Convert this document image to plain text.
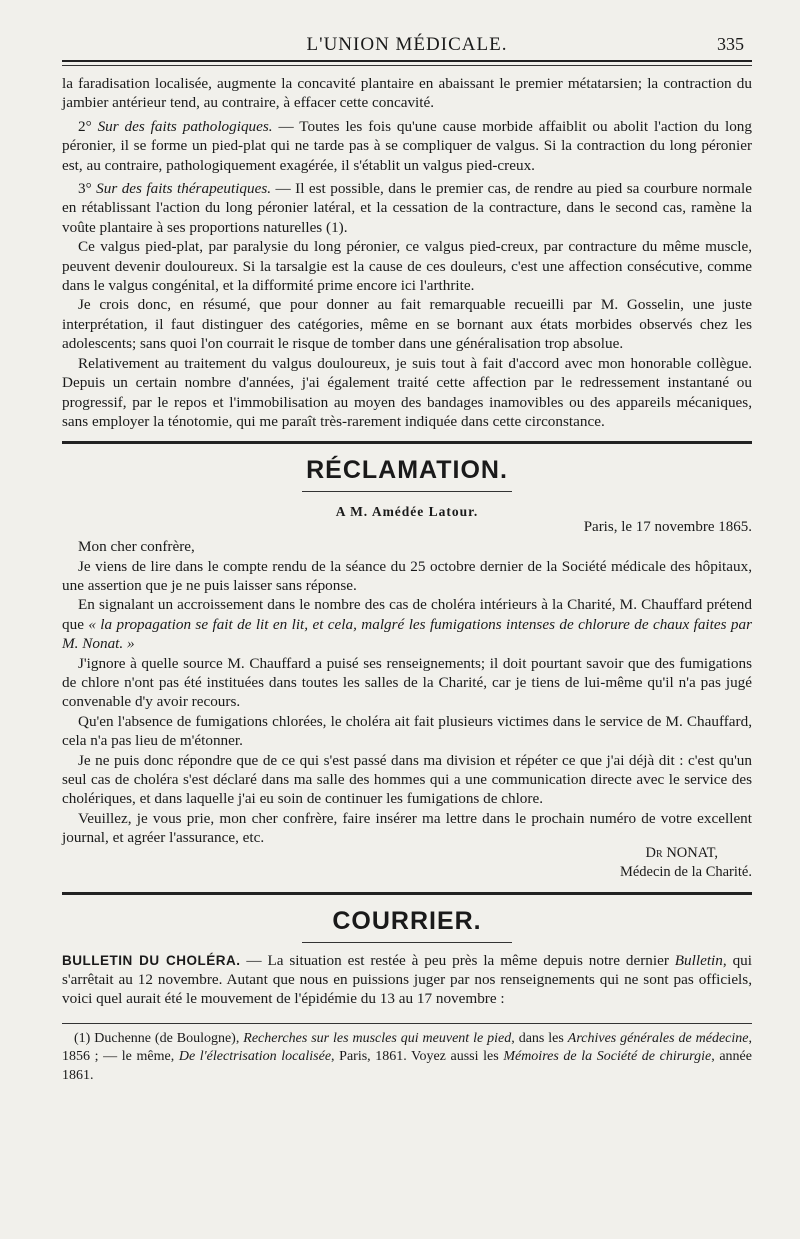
L'UNION MÉDICALE.	335

la faradisation localisée, augmente la concavité plantaire en abaissant le premier métatarsien; la contraction du jambier antérieur tend, au contraire, à effacer cette concavité.

2° Sur des faits pathologiques. — Toutes les fois qu'une cause morbide affaiblit ou abolit l'action du long péronier, il se forme un pied-plat qui ne tarde pas à se compliquer de valgus. Si la contraction du long péronier est, au contraire, pathologiquement exagérée, il s'établit un valgus pied-creux.

3° Sur des faits thérapeutiques. — Il est possible, dans le premier cas, de rendre au pied sa courbure normale en rétablissant l'action du long péronier latéral, et la cessation de la contracture, dans le second cas, ramène la voûte plantaire à ses proportions naturelles (1).

Ce valgus pied-plat, par paralysie du long péronier, ce valgus pied-creux, par contracture du même muscle, peuvent devenir douloureux. Si la tarsalgie est la cause de ces douleurs, c'est une affection consécutive, comme dans le valgus congénital, et la difformité prime encore ici l'arthrite.

Je crois donc, en résumé, que pour donner au fait remarquable recueilli par M. Gosselin, une juste interprétation, il faut distinguer des catégories, même en se bornant aux états morbides observés chez les adolescents; sans quoi l'on courrait le risque de tomber dans une généralisation trop absolue.

Relativement au traitement du valgus douloureux, je suis tout à fait d'accord avec mon honorable collègue. Depuis un certain nombre d'années, j'ai également traité cette affection par le redressement instantané ou progressif, par le repos et l'immobilisation au moyen des bandages inamovibles ou des appareils mécaniques, sans employer la ténotomie, qui me paraît très-rarement indiquée dans cette circonstance.

RÉCLAMATION.
A M. Amédée Latour.
Paris, le 17 novembre 1865.

Mon cher confrère,

Je viens de lire dans le compte rendu de la séance du 25 octobre dernier de la Société médicale des hôpitaux, une assertion que je ne puis laisser sans réponse.

En signalant un accroissement dans le nombre des cas de choléra intérieurs à la Charité, M. Chauffard prétend que « la propagation se fait de lit en lit, et cela, malgré les fumigations intenses de chlorure de chaux faites par M. Nonat. »

J'ignore à quelle source M. Chauffard a puisé ses renseignements; il doit pourtant savoir que des fumigations de chlore n'ont pas été instituées dans toutes les salles de la Charité, car je tiens de lui-même qu'il n'a pas jugé convenable d'y avoir recours.

Qu'en l'absence de fumigations chlorées, le choléra ait fait plusieurs victimes dans le service de M. Chauffard, cela n'a pas lieu de m'étonner.

Je ne puis donc répondre que de ce qui s'est passé dans ma division et répéter ce que j'ai déjà dit : c'est qu'un seul cas de choléra s'est déclaré dans ma salle des hommes qui a une communication directe avec le service des cholériques, et dans laquelle j'ai eu soin de continuer les fumigations de chlore.

Veuillez, je vous prie, mon cher confrère, faire insérer ma lettre dans le prochain numéro de votre excellent journal, et agréer l'assurance, etc.

Dr NONAT,
Médecin de la Charité.
COURRIER.

BULLETIN DU CHOLÉRA. — La situation est restée à peu près la même depuis notre dernier Bulletin, qui s'arrêtait au 12 novembre. Autant que nous en puissions juger par nos renseignements qui ne sont pas officiels, voici quel aurait été le mouvement de l'épidémie du 13 au 17 novembre :

(1) Duchenne (de Boulogne), Recherches sur les muscles qui meuvent le pied, dans les Archives générales de médecine, 1856 ; — le même, De l'électrisation localisée, Paris, 1861. Voyez aussi les Mémoires de la Société de chirurgie, année 1861.
